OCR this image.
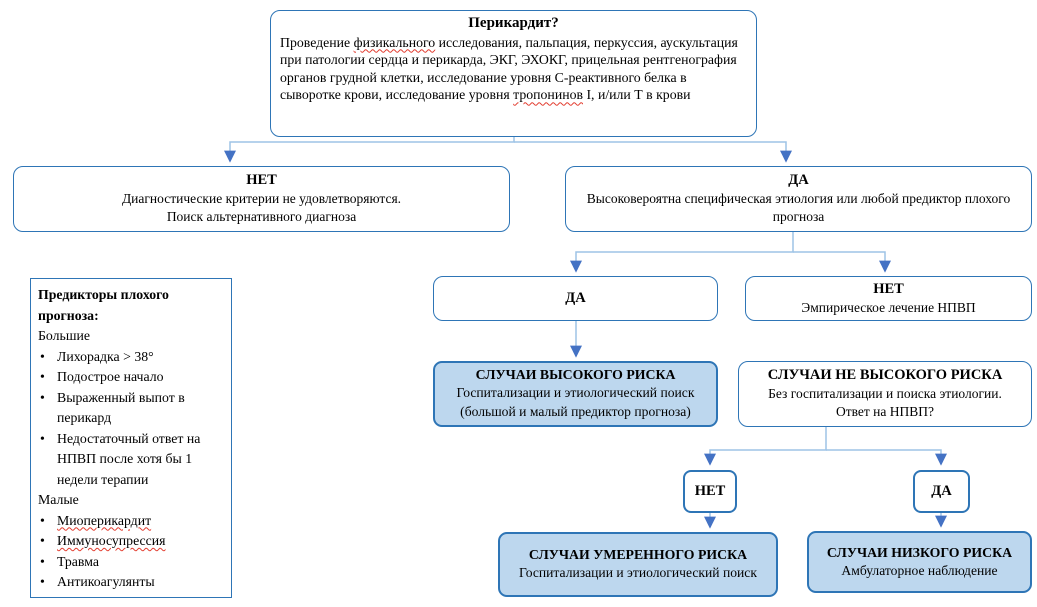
Перикардит?
Проведение физикального исследования, пальпация, перкуссия, аускультация при патологии сердца и перикарда, ЭКГ, ЭХОКГ, прицельная рентгенография органов грудной клетки, исследование уровня С-реактивного белка в сыворотке крови, исследование уровня тропонинов I, и/или Т в крови
НЕТ
Диагностические критерии не удовлетворяются.
Поиск альтернативного диагноза
ДА
Высоковероятна специфическая этиология или любой предиктор плохого прогноза
Предикторы плохого прогноза:
Большие
•
Лихорадка > 38°
•
Подострое начало
•
Выраженный выпот в перикард
•
Недостаточный ответ на НПВП после хотя бы 1 недели терапии
Малые
•
Миоперикардит
•
Иммуносупрессия
•
Травма
•
Антикоагулянты
ДА
НЕТ
Эмпирическое лечение НПВП
СЛУЧАИ ВЫСОКОГО РИСКА
Госпитализации и этиологический поиск
(большой и малый предиктор прогноза)
СЛУЧАИ НЕ ВЫСОКОГО РИСКА
Без госпитализации и поиска этиологии.
Ответ на НПВП?
НЕТ	ДА
СЛУЧАИ УМЕРЕННОГО РИСКА
Госпитализации и этиологический поиск
СЛУЧАИ НИЗКОГО РИСКА
Амбулаторное наблюдение
